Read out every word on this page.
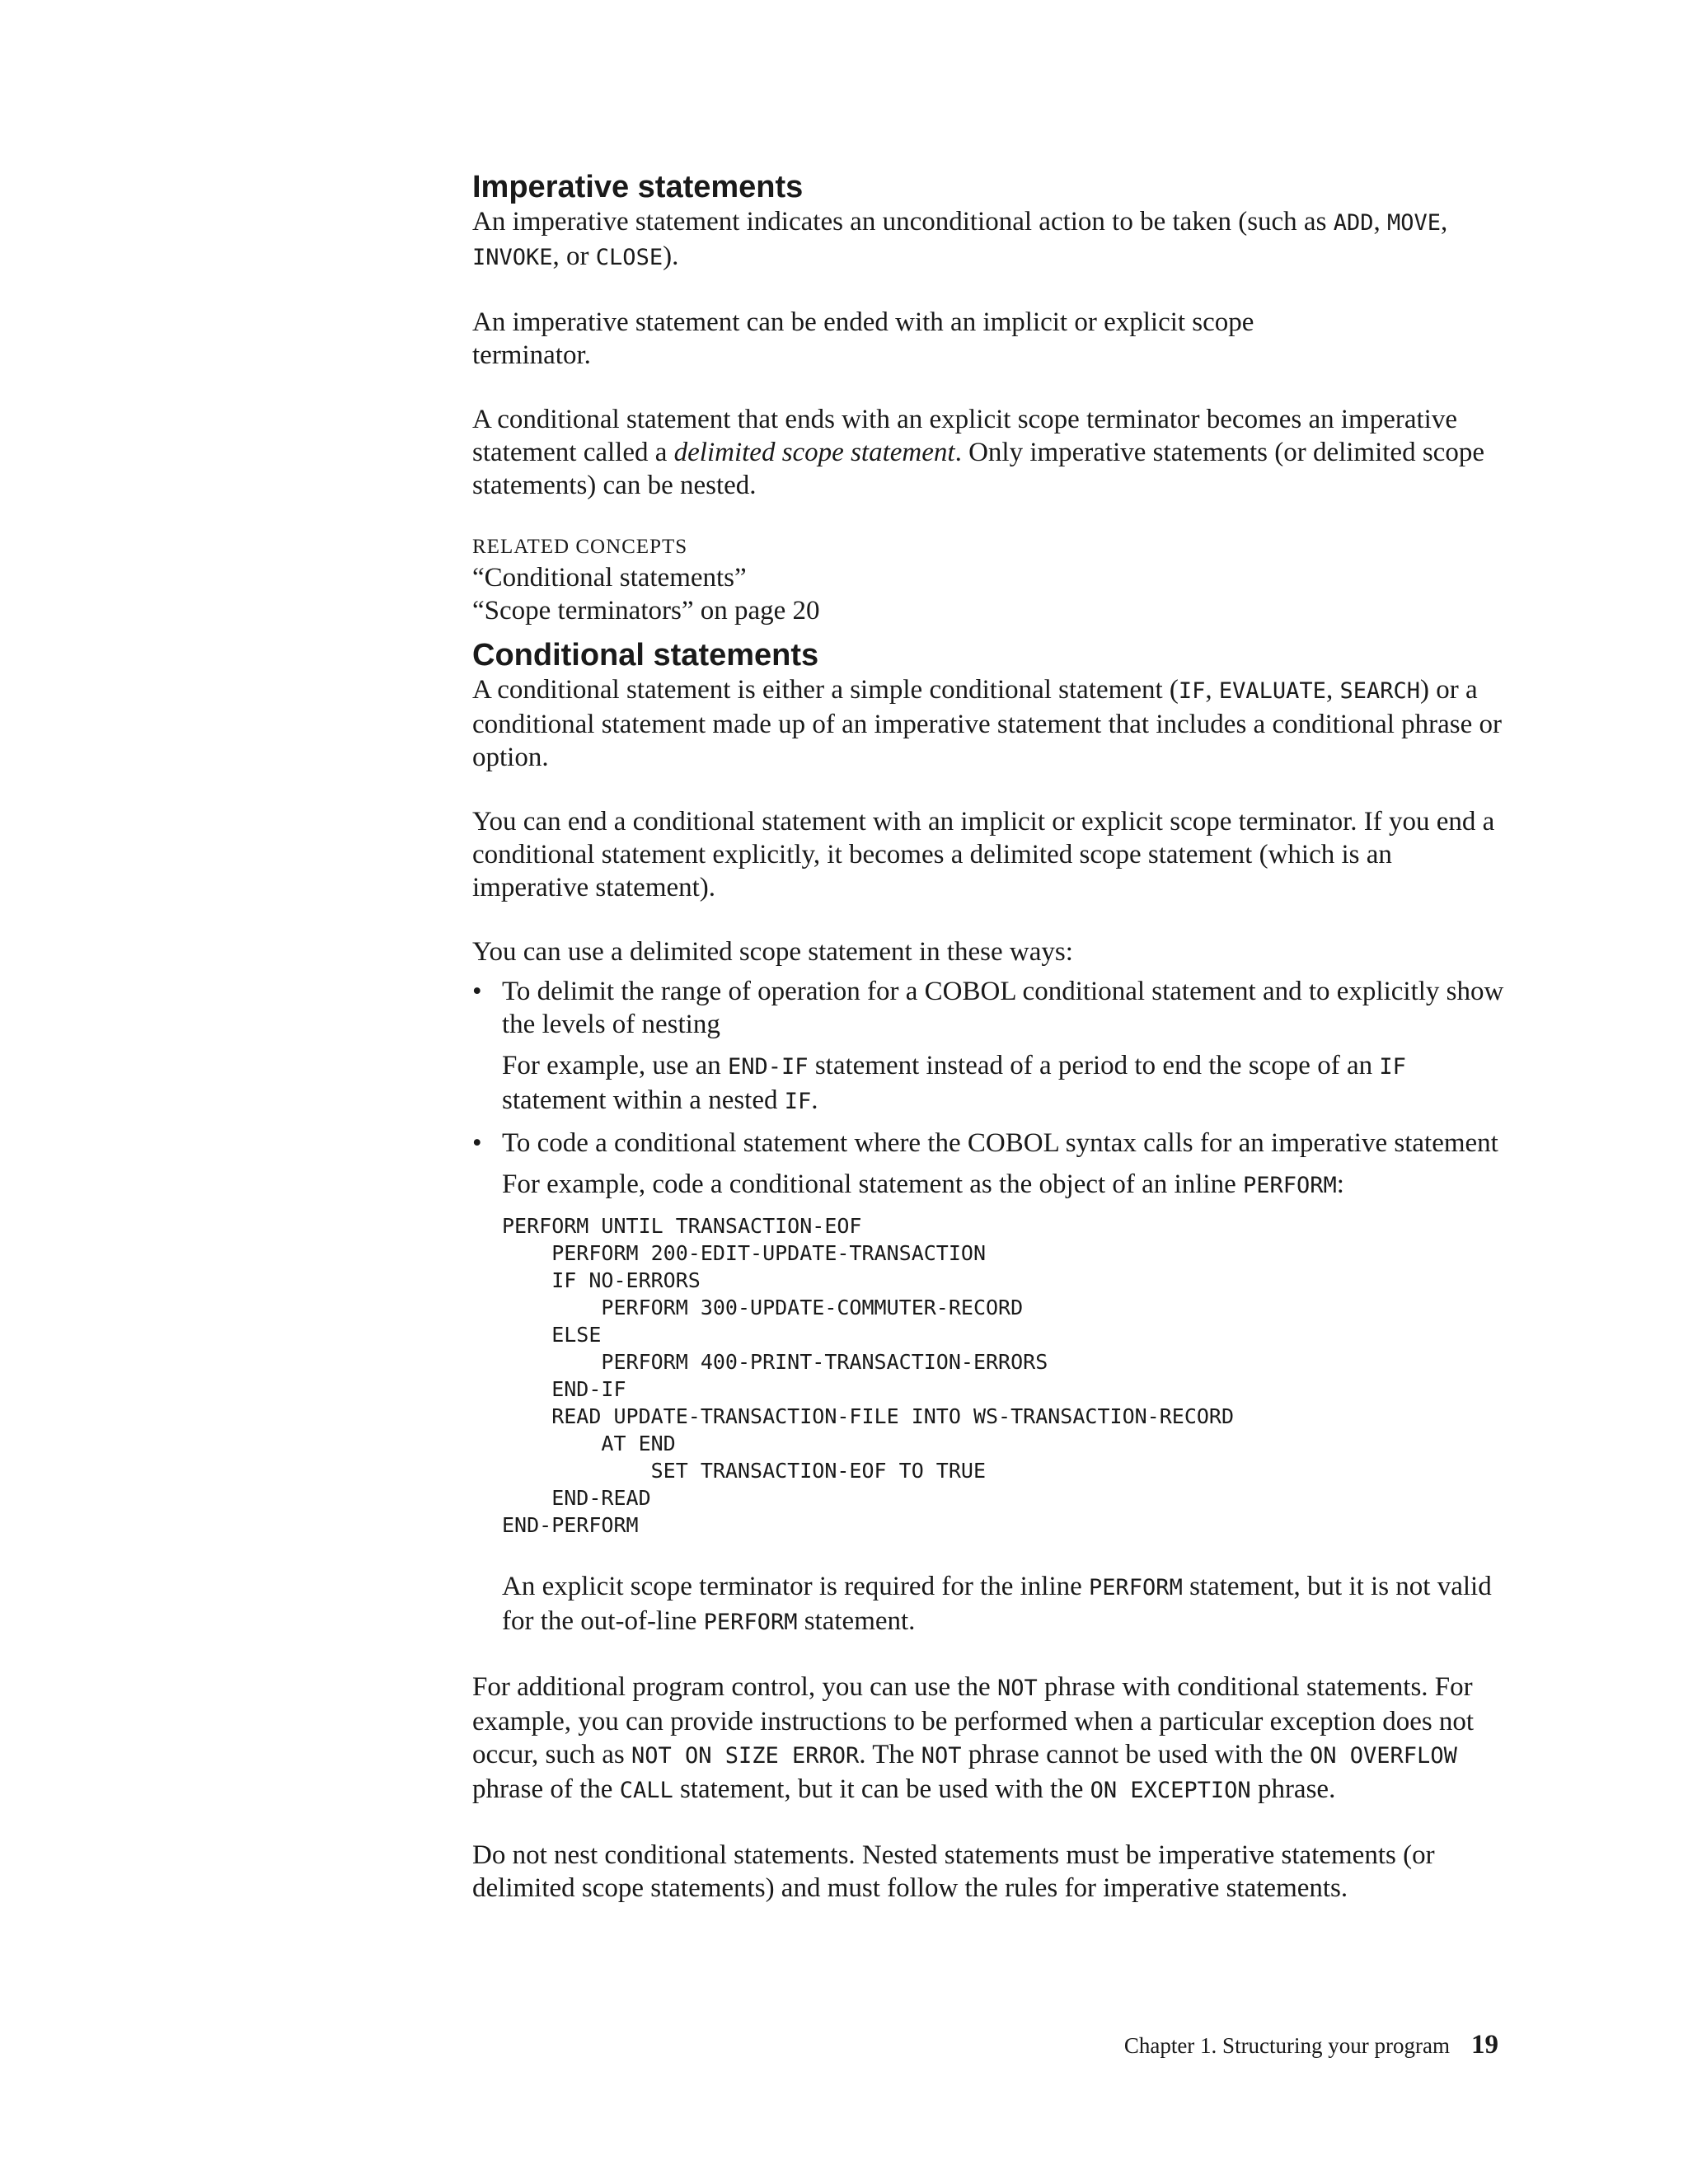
Imperative statements

An imperative statement indicates an unconditional action to be taken (such as ADD, MOVE, INVOKE, or CLOSE).

An imperative statement can be ended with an implicit or explicit scope terminator.

A conditional statement that ends with an explicit scope terminator becomes an imperative statement called a delimited scope statement. Only imperative statements (or delimited scope statements) can be nested.

RELATED CONCEPTS

“Conditional statements”

“Scope terminators” on page 20

Conditional statements

A conditional statement is either a simple conditional statement (IF, EVALUATE, SEARCH) or a conditional statement made up of an imperative statement that includes a conditional phrase or option.

You can end a conditional statement with an implicit or explicit scope terminator. If you end a conditional statement explicitly, it becomes a delimited scope statement (which is an imperative statement).

You can use a delimited scope statement in these ways:

• To delimit the range of operation for a COBOL conditional statement and to explicitly show the levels of nesting

For example, use an END-IF statement instead of a period to end the scope of an IF statement within a nested IF.

• To code a conditional statement where the COBOL syntax calls for an imperative statement

For example, code a conditional statement as the object of an inline PERFORM:

PERFORM UNTIL TRANSACTION-EOF
PERFORM 200-EDIT-UPDATE-TRANSACTION
IF NO-ERRORS
PERFORM 300-UPDATE-COMMUTER-RECORD
ELSE
PERFORM 400-PRINT-TRANSACTION-ERRORS
END-IF
READ UPDATE-TRANSACTION-FILE INTO WS-TRANSACTION-RECORD
AT END
SET TRANSACTION-EOF TO TRUE
END-READ
END-PERFORM

An explicit scope terminator is required for the inline PERFORM statement, but it is not valid for the out-of-line PERFORM statement.

For additional program control, you can use the NOT phrase with conditional statements. For example, you can provide instructions to be performed when a particular exception does not occur, such as NOT ON SIZE ERROR. The NOT phrase cannot be used with the ON OVERFLOW phrase of the CALL statement, but it can be used with the ON EXCEPTION phrase.

Do not nest conditional statements. Nested statements must be imperative statements (or delimited scope statements) and must follow the rules for imperative statements.

Chapter 1. Structuring your program 19
